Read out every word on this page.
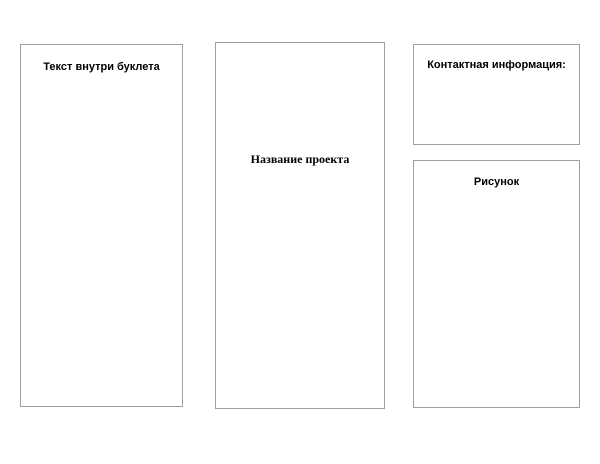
Текст внутри буклета
Название проекта
Контактная информация:
Рисунок
